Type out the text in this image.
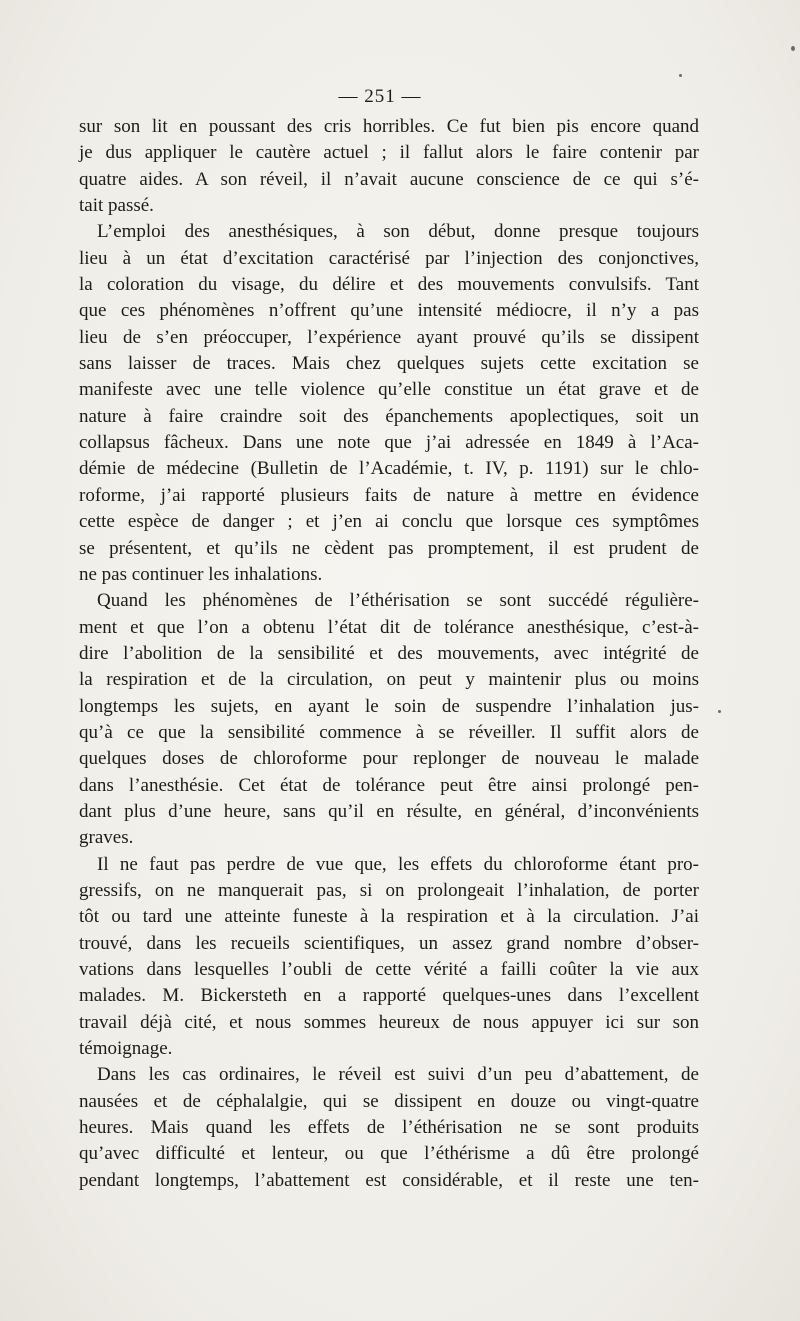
— 251 —
sur son lit en poussant des cris horribles. Ce fut bien pis encore quand
je dus appliquer le cautère actuel ; il fallut alors le faire contenir par
quatre aides. A son réveil, il n’avait aucune conscience de ce qui s’é-
tait passé.
L’emploi des anesthésiques, à son début, donne presque toujours
lieu à un état d’excitation caractérisé par l’injection des conjonctives,
la coloration du visage, du délire et des mouvements convulsifs. Tant
que ces phénomènes n’offrent qu’une intensité médiocre, il n’y a pas
lieu de s’en préoccuper, l’expérience ayant prouvé qu’ils se dissipent
sans laisser de traces. Mais chez quelques sujets cette excitation se
manifeste avec une telle violence qu’elle constitue un état grave et de
nature à faire craindre soit des épanchements apoplectiques, soit un
collapsus fâcheux. Dans une note que j’ai adressée en 1849 à l’Aca-
démie de médecine (Bulletin de l’Académie, t. IV, p. 1191) sur le chlo-
roforme, j’ai rapporté plusieurs faits de nature à mettre en évidence
cette espèce de danger ; et j’en ai conclu que lorsque ces symptômes
se présentent, et qu’ils ne cèdent pas promptement, il est prudent de
ne pas continuer les inhalations.
Quand les phénomènes de l’éthérisation se sont succédé régulière-
ment et que l’on a obtenu l’état dit de tolérance anesthésique, c’est-à-
dire l’abolition de la sensibilité et des mouvements, avec intégrité de
la respiration et de la circulation, on peut y maintenir plus ou moins
longtemps les sujets, en ayant le soin de suspendre l’inhalation jus-
qu’à ce que la sensibilité commence à se réveiller. Il suffit alors de
quelques doses de chloroforme pour replonger de nouveau le malade
dans l’anesthésie. Cet état de tolérance peut être ainsi prolongé pen-
dant plus d’une heure, sans qu’il en résulte, en général, d’inconvénients
graves.
Il ne faut pas perdre de vue que, les effets du chloroforme étant pro-
gressifs, on ne manquerait pas, si on prolongeait l’inhalation, de porter
tôt ou tard une atteinte funeste à la respiration et à la circulation. J’ai
trouvé, dans les recueils scientifiques, un assez grand nombre d’obser-
vations dans lesquelles l’oubli de cette vérité a failli coûter la vie aux
malades. M. Bickersteth en a rapporté quelques-unes dans l’excellent
travail déjà cité, et nous sommes heureux de nous appuyer ici sur son
témoignage.
Dans les cas ordinaires, le réveil est suivi d’un peu d’abattement, de
nausées et de céphalalgie, qui se dissipent en douze ou vingt-quatre
heures. Mais quand les effets de l’éthérisation ne se sont produits
qu’avec difficulté et lenteur, ou que l’éthérisme a dû être prolongé
pendant longtemps, l’abattement est considérable, et il reste une ten-
